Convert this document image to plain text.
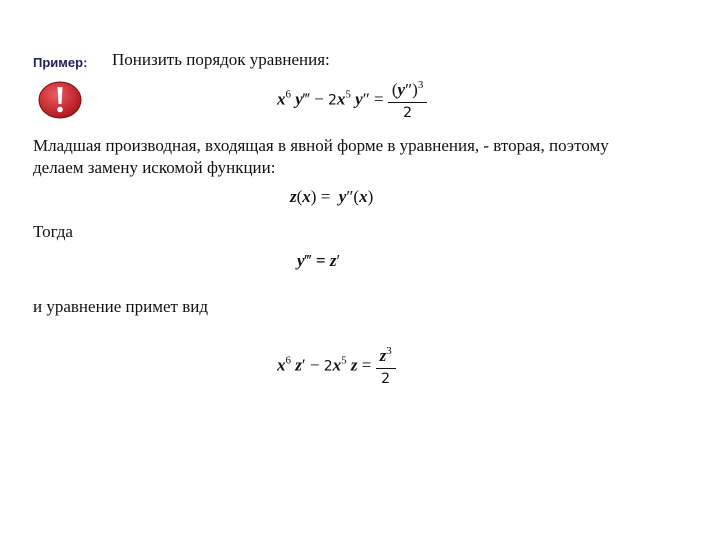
Пример: Понизить порядок уравнения:
$x^6$ y‴ − $2x^5$ $y'' = \frac{(y'')^3}{2}$
Младшая производная, входящая в явной форме в уравнения, - вторая, поэтому
делаем замену искомой функции:
z(x) =  y″(x)
Тогда
y‴ = z′
и уравнение примет вид
$x^6$ $z' - 2x^5$ $z = \frac{z^3}{2}$
